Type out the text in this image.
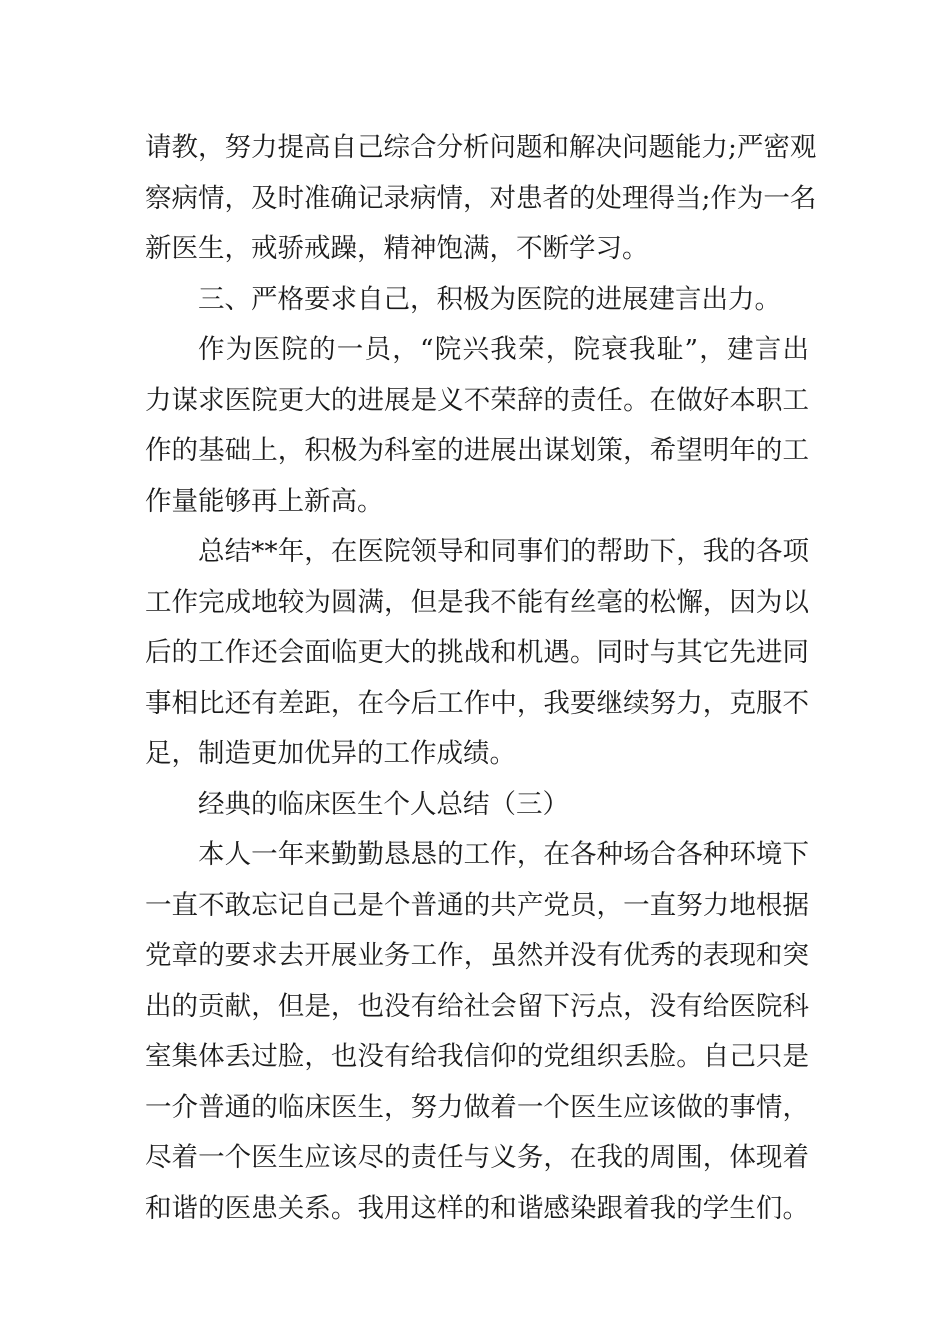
请教，努力提高自己综合分析问题和解决问题能力;严密观
察病情，及时准确记录病情，对患者的处理得当;作为一名
新医生，戒骄戒躁，精神饱满，不断学习。
三、严格要求自己，积极为医院的进展建言出力。
作为医院的一员，“院兴我荣，院衰我耻”，建言出
力谋求医院更大的进展是义不荣辞的责任。在做好本职工
作的基础上，积极为科室的进展出谋划策，希望明年的工
作量能够再上新高。
总结**年，在医院领导和同事们的帮助下，我的各项
工作完成地较为圆满，但是我不能有丝毫的松懈，因为以
后的工作还会面临更大的挑战和机遇。同时与其它先进同
事相比还有差距，在今后工作中，我要继续努力，克服不
足，制造更加优异的工作成绩。
经典的临床医生个人总结（三）
本人一年来勤勤恳恳的工作，在各种场合各种环境下
一直不敢忘记自己是个普通的共产党员，一直努力地根据
党章的要求去开展业务工作，虽然并没有优秀的表现和突
出的贡献，但是，也没有给社会留下污点，没有给医院科
室集体丢过脸，也没有给我信仰的党组织丢脸。自己只是
一介普通的临床医生，努力做着一个医生应该做的事情，
尽着一个医生应该尽的责任与义务，在我的周围，体现着
和谐的医患关系。我用这样的和谐感染跟着我的学生们。
